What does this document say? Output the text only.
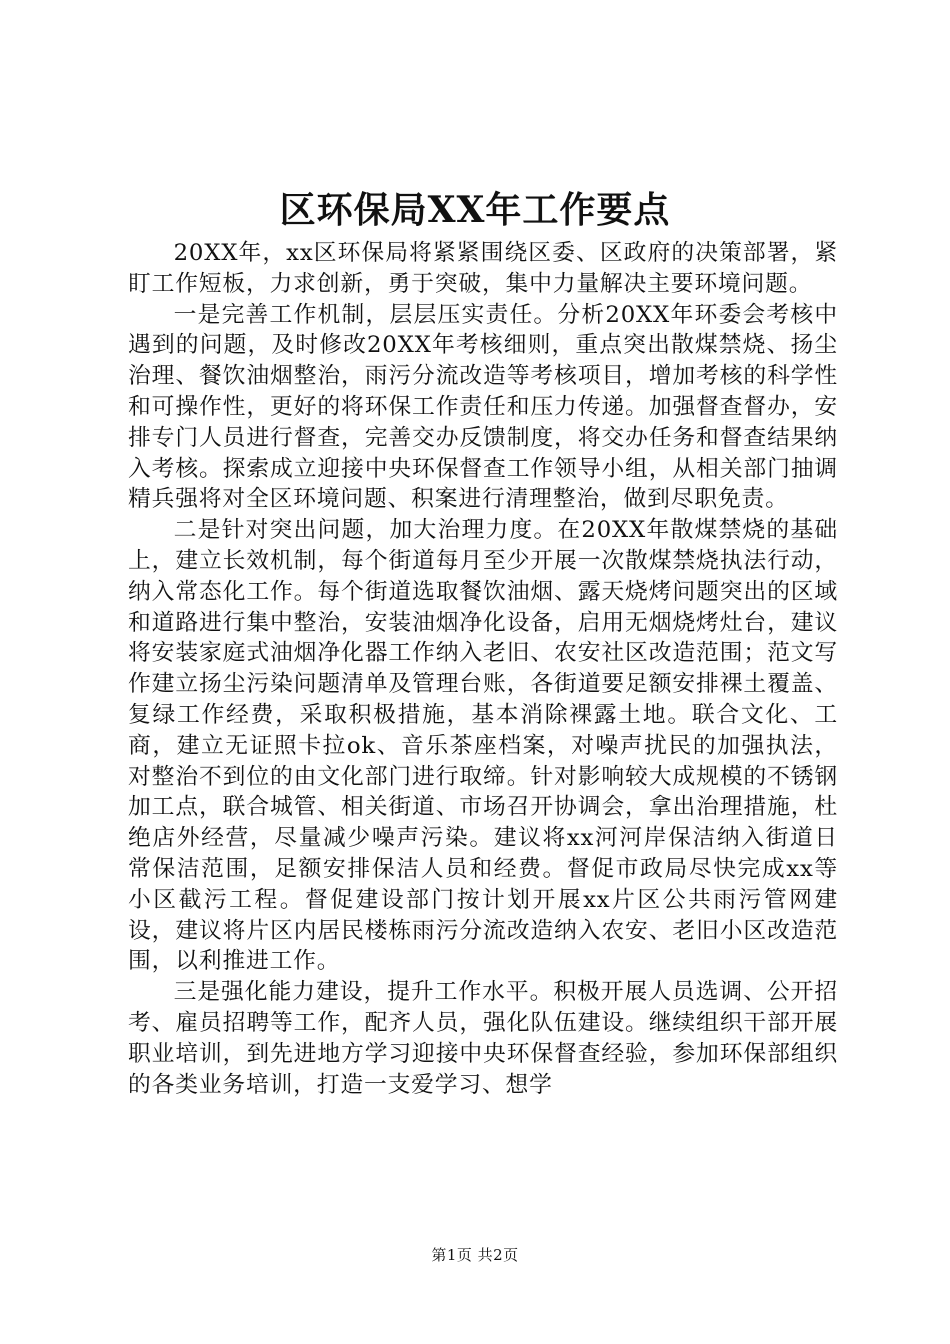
区环保局XX年工作要点

20XX年，xx区环保局将紧紧围绕区委、区政府的决策部署，紧盯工作短板，力求创新，勇于突破，集中力量解决主要环境问题。

一是完善工作机制，层层压实责任。分析20XX年环委会考核中遇到的问题，及时修改20XX年考核细则，重点突出散煤禁烧、扬尘治理、餐饮油烟整治，雨污分流改造等考核项目，增加考核的科学性和可操作性，更好的将环保工作责任和压力传递。加强督查督办，安排专门人员进行督查，完善交办反馈制度，将交办任务和督查结果纳入考核。探索成立迎接中央环保督查工作领导小组，从相关部门抽调精兵强将对全区环境问题、积案进行清理整治，做到尽职免责。

二是针对突出问题，加大治理力度。在20XX年散煤禁烧的基础上，建立长效机制，每个街道每月至少开展一次散煤禁烧执法行动，纳入常态化工作。每个街道选取餐饮油烟、露天烧烤问题突出的区域和道路进行集中整治，安装油烟净化设备，启用无烟烧烤灶台，建议将安装家庭式油烟净化器工作纳入老旧、农安社区改造范围；范文写作建立扬尘污染问题清单及管理台账，各街道要足额安排裸土覆盖、复绿工作经费，采取积极措施，基本消除裸露土地。联合文化、工商，建立无证照卡拉ok、音乐茶座档案，对噪声扰民的加强执法，对整治不到位的由文化部门进行取缔。针对影响较大成规模的不锈钢加工点，联合城管、相关街道、市场召开协调会，拿出治理措施，杜绝店外经营，尽量减少噪声污染。建议将xx河河岸保洁纳入街道日常保洁范围，足额安排保洁人员和经费。督促市政局尽快完成xx等小区截污工程。督促建设部门按计划开展xx片区公共雨污管网建设，建议将片区内居民楼栋雨污分流改造纳入农安、老旧小区改造范围，以利推进工作。

三是强化能力建设，提升工作水平。积极开展人员选调、公开招考、雇员招聘等工作，配齐人员，强化队伍建设。继续组织干部开展职业培训，到先进地方学习迎接中央环保督查经验，参加环保部组织的各类业务培训，打造一支爱学习、想学

第1页 共2页
